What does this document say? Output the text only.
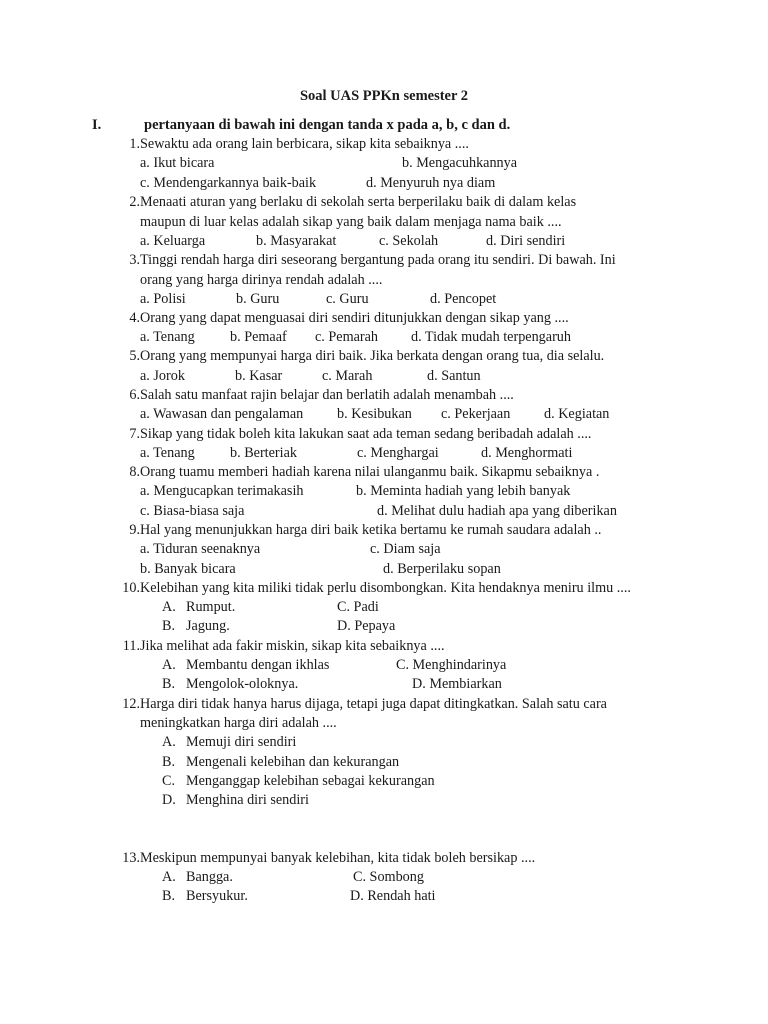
Soal UAS PPKn semester 2
I.	pertanyaan di bawah ini dengan tanda x pada a, b, c dan d.
1. Sewaktu ada orang lain berbicara, sikap kita sebaiknya ....
a. Ikut bicara	b. Mengacuhkannya
c. Mendengarkannya baik-baik	d. Menyuruh nya diam
2. Menaati aturan yang berlaku di sekolah serta berperilaku baik di dalam kelas
maupun di luar kelas adalah sikap yang baik dalam menjaga nama baik ....
a. Keluarga	b. Masyarakat	c. Sekolah	d. Diri sendiri
3. Tinggi rendah harga diri seseorang bergantung pada orang itu sendiri. Di bawah. Ini
orang yang harga dirinya rendah adalah ....
a. Polisi	b. Guru	c. Guru	d. Pencopet
4. Orang yang dapat menguasai diri sendiri ditunjukkan dengan sikap yang ....
a. Tenang b. Pemaaf c. Pemarah d. Tidak mudah terpengaruh
5. Orang yang mempunyai harga diri baik. Jika berkata dengan orang tua, dia selalu.
a. Jorok	b. Kasar	c. Marah	d. Santun
6. Salah satu manfaat rajin belajar dan berlatih adalah menambah ....
a. Wawasan dan pengalaman b. Kesibukan c. Pekerjaan d. Kegiatan
7. Sikap yang tidak boleh kita lakukan saat ada teman sedang beribadah adalah ....
a. Tenang b. Berteriak	c. Menghargai	d. Menghormati
8. Orang tuamu memberi hadiah karena nilai ulanganmu baik. Sikapmu sebaiknya .
a. Mengucapkan terimakasih	b. Meminta hadiah yang lebih banyak
c. Biasa-biasa saja	d. Melihat dulu hadiah apa yang diberikan
9. Hal yang menunjukkan harga diri baik ketika bertamu ke rumah saudara adalah ..
a. Tiduran seenaknya	c. Diam saja
b. Banyak bicara	d. Berperilaku sopan
10. Kelebihan yang kita miliki tidak perlu disombongkan. Kita hendaknya meniru ilmu ....
A. Rumput.	C. Padi
B. Jagung.	D. Pepaya
11. Jika melihat ada fakir miskin, sikap kita sebaiknya ....
A. Membantu dengan ikhlas	C. Menghindarinya
B. Mengolok-oloknya.	D. Membiarkan
12. Harga diri tidak hanya harus dijaga, tetapi juga dapat ditingkatkan. Salah satu cara
meningkatkan harga diri adalah ....
A. Memuji diri sendiri
B. Mengenali kelebihan dan kekurangan
C. Menganggap kelebihan sebagai kekurangan
D. Menghina diri sendiri
13. Meskipun mempunyai banyak kelebihan, kita tidak boleh bersikap ....
A. Bangga.	C. Sombong
B. Bersyukur.	D. Rendah hati
